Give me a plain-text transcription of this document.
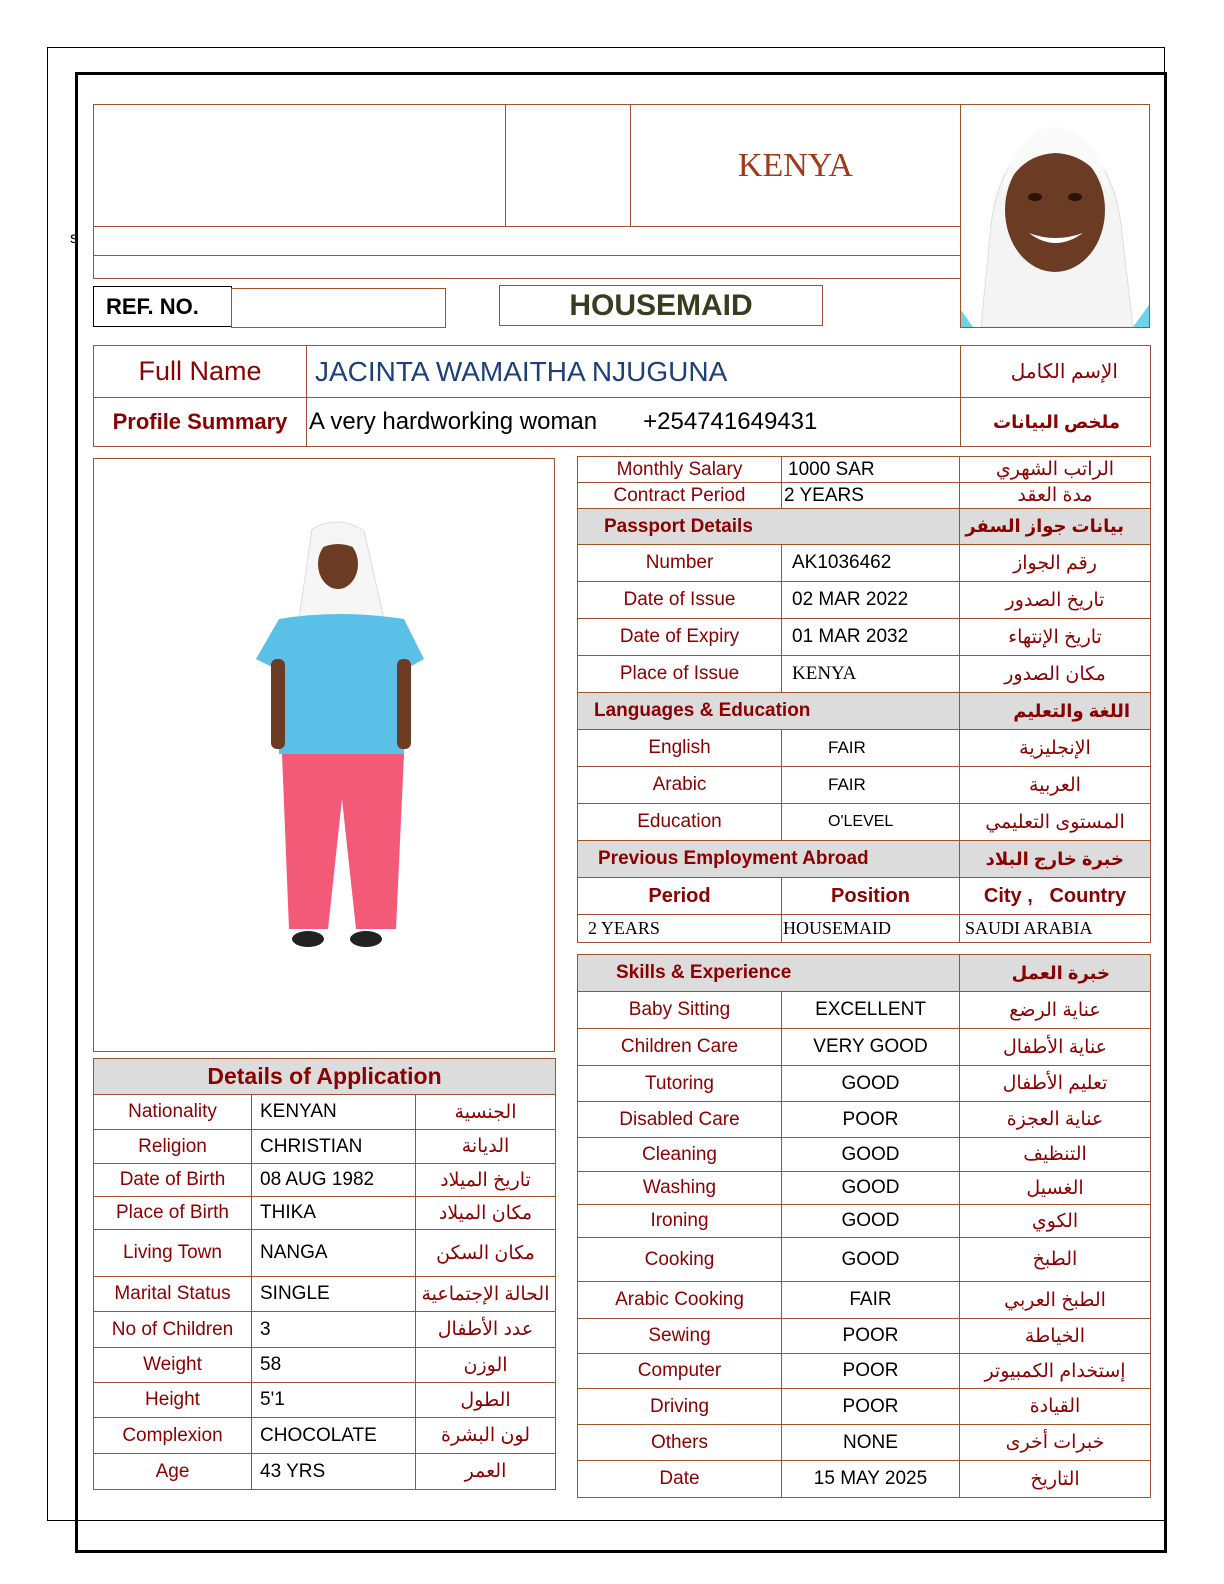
s
KENYA
REF. NO.	HOUSEMAID
Full Name	JACINTA WAMAITHA NJUGUNA	الإسم الكامل
Profile Summary	A very hardworking woman +254741649431	ملخص البيانات
Details of Application		
Nationality	KENYAN	الجنسية
Religion	CHRISTIAN	الديانة
Date of Birth	08 AUG 1982	تاريخ الميلاد
Place of Birth	THIKA	مكان الميلاد
Living Town	NANGA	مكان السكن
Marital Status	SINGLE	الحالة الإجتماعية
No of Children	3	عدد الأطفال
Weight	58	الوزن
Height	5'1	الطول
Complexion	CHOCOLATE	لون البشرة
Age	43 YRS	العمر
Monthly Salary	1000 SAR	الراتب الشهري
Contract Period	2 YEARS	مدة العقد
Passport Details		بيانات جواز السفر
Number	AK1036462	رقم الجواز
Date of Issue	02 MAR 2022	تاريخ الصدور
Date of Expiry	01 MAR 2032	تاريخ الإنتهاء
Place of Issue	KENYA	مكان الصدور
Languages & Education		اللغة والتعليم
English	FAIR	الإنجليزية
Arabic	FAIR	العربية
Education	O'LEVEL	المستوى التعليمي
Previous Employment Abroad		خبرة خارج البلاد
Period	Position	City ,   Country
2 YEARS	HOUSEMAID	SAUDI ARABIA

Skills & Experience		خبرة العمل
Baby Sitting	EXCELLENT	عناية الرضع
Children Care	VERY GOOD	عناية الأطفال
Tutoring	GOOD	تعليم الأطفال
Disabled Care	POOR	عناية العجزة
Cleaning	GOOD	التنظيف
Washing	GOOD	الغسيل
Ironing	GOOD	الكوي
Cooking	GOOD	الطبخ
Arabic Cooking	FAIR	الطبخ العربي
Sewing	POOR	الخياطة
Computer	POOR	إستخدام الكمبيوتر
Driving	POOR	القيادة
Others	NONE	خبرات أخرى
Date	15 MAY 2025	التاريخ
